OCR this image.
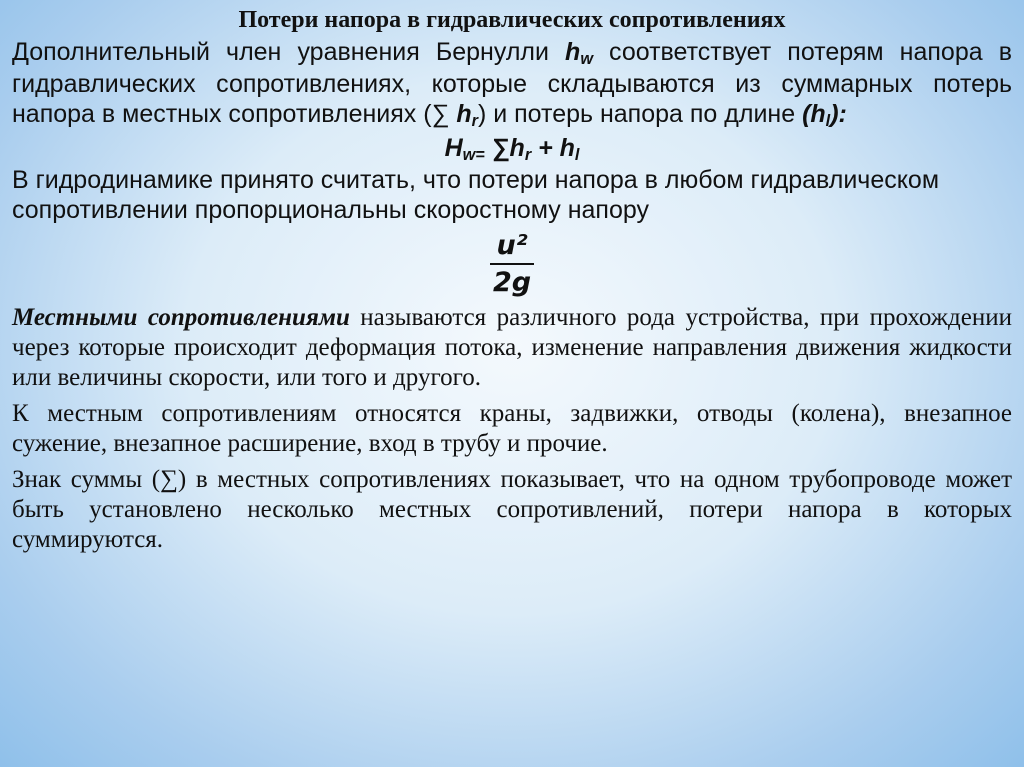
Потери напора в гидравлических сопротивлениях

Дополнительный член уравнения Бернулли $h_w$ соответствует потерям напора в гидравлических сопротивлениях, которые складываются из суммарных потерь напора в местных сопротивлениях (∑ $h_r$) и потерь напора по длине $(h_l)$:

$H_{w=}$ $\sum h_r + h_l$

В гидродинамике принято считать, что потери напора в любом гидравлическом сопротивлении пропорциональны скоростному напору

u²
2g

Местными сопротивлениями называются различного рода устройства, при прохождении через которые происходит деформация потока, изменение направления движения жидкости или величины скорости, или того и другого.

К местным сопротивлениям относятся краны, задвижки, отводы (колена), внезапное сужение, внезапное расширение, вход в трубу и прочие.

Знак суммы (∑) в местных сопротивлениях показывает, что на одном трубопроводе может быть установлено несколько местных сопротивлений, потери напора в которых суммируются.
